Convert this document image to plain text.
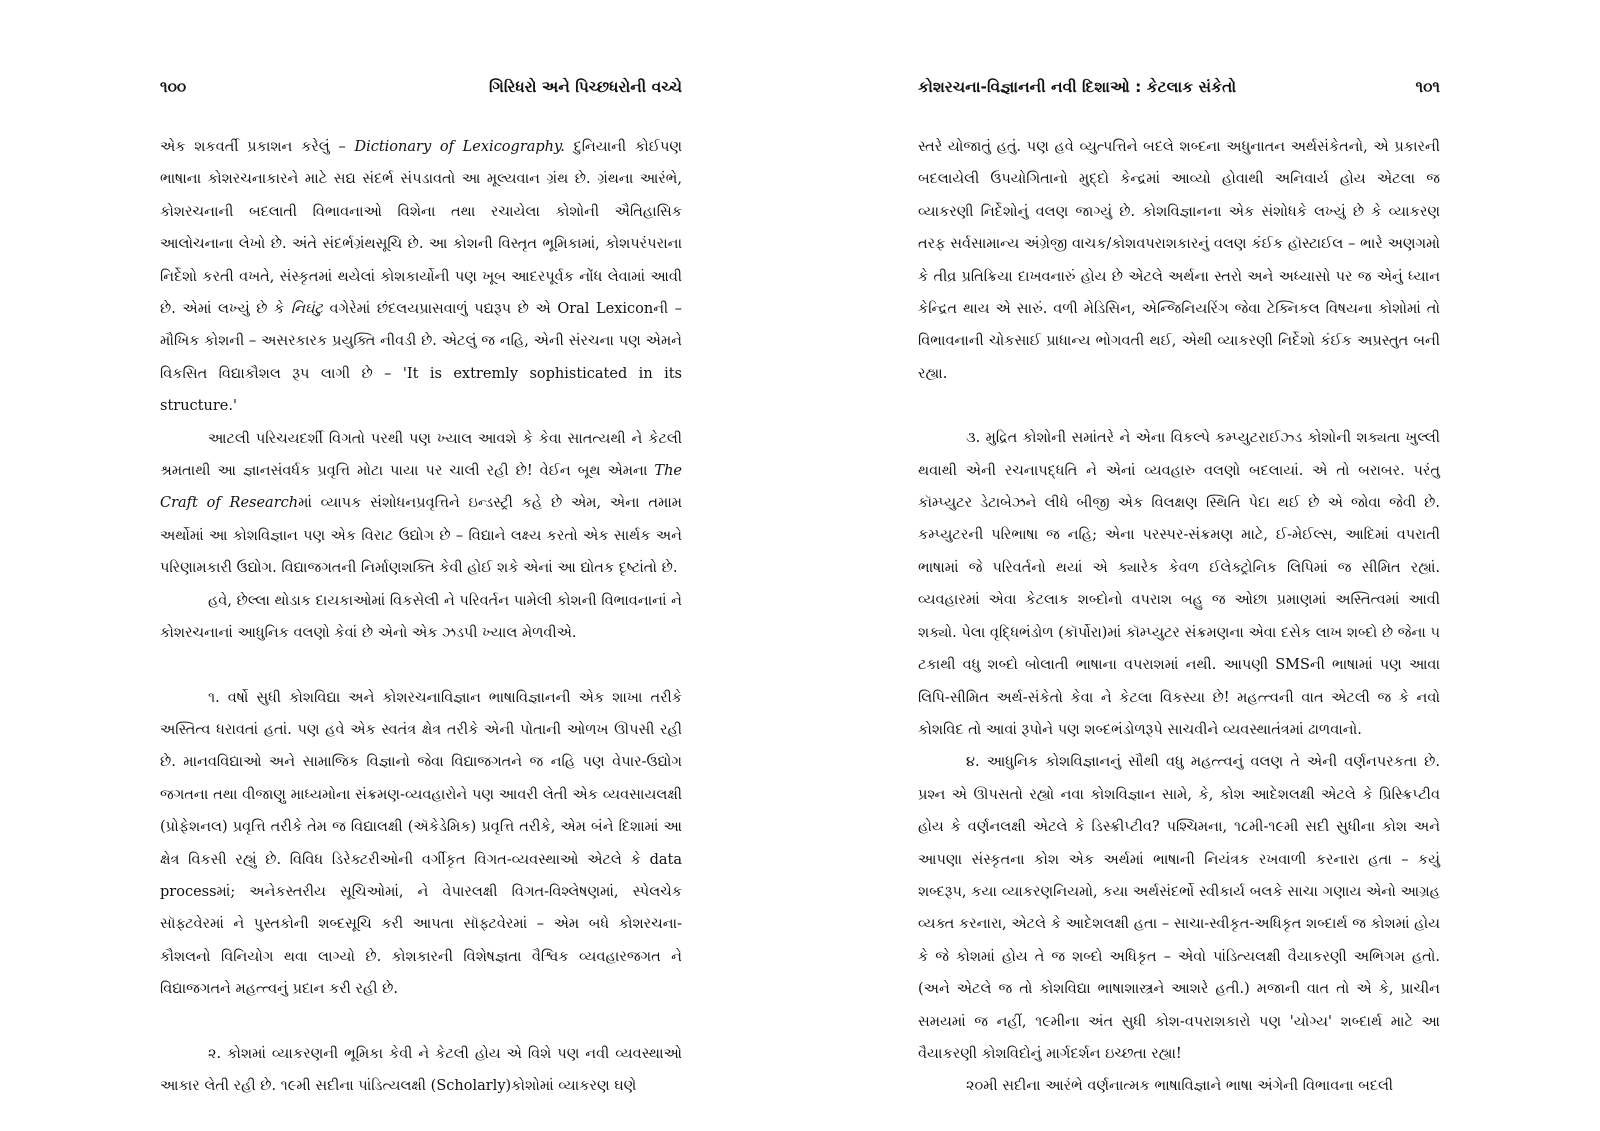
૧૦૦	ગિરિધરો અને પિચ્છધરોની વચ્ચે

એક શકવર્તી પ્રકાશન કરેલું – Dictionary of Lexicography. દુનિયાની કોઈપણ ભાષાના કોશરચનાકારને માટે સદ્ય સંદર્ભ સંપડાવતો આ મૂલ્યવાન ગ્રંથ છે. ગ્રંથના આરંભે, કોશરચનાની બદલાતી વિભાવનાઓ વિશેના તથા રચાયેલા કોશોની ઐતિહાસિક આલોચનાના લેખો છે. અંતે સંદર્ભગ્રંથસૂચિ છે. આ કોશની વિસ્તૃત ભૂમિકામાં, કોશપરંપરાના નિર્દેશો કરતી વખતે, સંસ્કૃતમાં થયેલાં કોશકાર્યોની પણ ખૂબ આદરપૂર્વક નોંધ લેવામાં આવી છે. એમાં લખ્યું છે કે નિઘંટુ વગેરેમાં છંદલયપ્રાસવાળું પદ્યરૂપ છે એ Oral Lexiconની – મૌખિક કોશની – અસરકારક પ્રયુક્તિ નીવડી છે. એટલું જ નહિ, એની સંરચના પણ એમને વિકસિત વિદ્યાકૌશલ રૂપ લાગી છે – 'It is extremly sophisticated in its structure.'

આટલી પરિચયદર્શી વિગતો પરથી પણ ખ્યાલ આવશે કે કેવા સાતત્યથી ને કેટલી શ્રમતાથી આ જ્ઞાનસંવર્ધક પ્રવૃત્તિ મોટા પાયા પર ચાલી રહી છે! વેઈન બૂથ એમના The Craft of Researchમાં વ્યાપક સંશોધનપ્રવૃત્તિને ઇન્ડસ્ટ્રી કહે છે એમ, એના તમામ અર્થોમાં આ કોશવિજ્ઞાન પણ એક વિરાટ ઉદ્યોગ છે – વિદ્યાને લક્ષ્ય કરતો એક સાર્થક અને પરિણામકારી ઉદ્યોગ. વિદ્યાજગતની નિર્માણશક્તિ કેવી હોઈ શકે એનાં આ દ્યોતક દૃષ્ટાંતો છે.

હવે, છેલ્લા થોડાક દાયકાઓમાં વિકસેલી ને પરિવર્તન પામેલી કોશની વિભાવનાનાં ને કોશરચનાનાં આધુનિક વલણો કેવાં છે એનો એક ઝડપી ખ્યાલ મેળવીએ.

૧. વર્ષો સુધી કોશવિદ્યા અને કોશરચનાવિજ્ઞાન ભાષાવિજ્ઞાનની એક શાખા તરીકે અસ્તિત્વ ધરાવતાં હતાં. પણ હવે એક સ્વતંત્ર ક્ષેત્ર તરીકે એની પોતાની ઓળખ ઊપસી રહી છે. માનવવિદ્યાઓ અને સામાજિક વિજ્ઞાનો જેવા વિદ્યાજગતને જ નહિ પણ વેપાર-ઉદ્યોગ જગતના તથા વીજાણુ માધ્યમોના સંક્રમણ-વ્યવહારોને પણ આવરી લેતી એક વ્યવસાયલક્ષી (પ્રોફેશનલ) પ્રવૃત્તિ તરીકે તેમ જ વિદ્યાલક્ષી (ઍકેડેમિક) પ્રવૃત્તિ તરીકે, એમ બંને દિશામાં આ ક્ષેત્ર વિકસી રહ્યું છે. વિવિધ ડિરેક્ટરીઓની વર્ગીકૃત વિગત-વ્યવસ્થાઓ એટલે કે data processમાં; અનેકસ્તરીય સૂચિઓમાં, ને વેપારલક્ષી વિગત-વિશ્લેષણમાં, સ્પેલચેક સૉફ્ટવેરમાં ને પુસ્તકોની શબ્દસૂચિ કરી આપતા સૉફ્ટવેરમાં – એમ બધે કોશરચના-કૌશલનો વિનિયોગ થવા લાગ્યો છે. કોશકારની વિશેષજ્ઞતા વૈશ્વિક વ્યવહારજગત ને વિદ્યાજગતને મહત્ત્વનું પ્રદાન કરી રહી છે.

૨. કોશમાં વ્યાકરણની ભૂમિકા કેવી ને કેટલી હોય એ વિશે પણ નવી વ્યવસ્થાઓ આકાર લેતી રહી છે. ૧૯મી સદીના પાંડિત્યલક્ષી (Scholarly)કોશોમાં વ્યાકરણ ઘણે

કોશરચના-વિજ્ઞાનની નવી દિશાઓ : કેટલાક સંકેતો	૧૦૧

સ્તરે યોજાતું હતું. પણ હવે વ્યુત્પત્તિને બદલે શબ્દના અધુનાતન અર્થસંકેતનો, એ પ્રકારની બદલાયેલી ઉપયોગિતાનો મુદ્દો કેન્દ્રમાં આવ્યો હોવાથી અનિવાર્ય હોય એટલા જ વ્યાકરણી નિર્દેશોનું વલણ જાગ્યું છે. કોશવિજ્ઞાનના એક સંશોધકે લખ્યું છે કે વ્યાકરણ તરફ સર્વસામાન્ય અંગ્રેજી વાચક/કોશવપરાશકારનું વલણ કંઈક હૉસ્ટાઈલ – ભારે અણગમો કે તીવ્ર પ્રતિક્રિયા દાખવનારું હોય છે એટલે અર્થના સ્તરો અને અધ્યાસો પર જ એનું ધ્યાન કેન્દ્રિત થાય એ સારું. વળી મેડિસિન, એન્જિનિયરિંગ જેવા ટેક્નિકલ વિષયના કોશોમાં તો વિભાવનાની ચોકસાઈ પ્રાધાન્ય ભોગવતી થઈ, એથી વ્યાકરણી નિર્દેશો કંઈક અપ્રસ્તુત બની રહ્યા.

૩. મુદ્રિત કોશોની સમાંતરે ને એના વિકલ્પે કમ્પ્યુટરાઈઝ્ડ કોશોની શક્યતા ખુલ્લી થવાથી એની રચનાપદ્ધતિ ને એનાં વ્યવહારુ વલણો બદલાયાં. એ તો બરાબર. પરંતુ કૉમ્પ્યુટર ડેટાબેઝને લીધે બીજી એક વિલક્ષણ સ્થિતિ પેદા થઈ છે એ જોવા જેવી છે. કમ્પ્યુટરની પરિભાષા જ નહિ; એના પરસ્પર-સંક્રમણ માટે, ઈ-મેઈલ્સ, આદિમાં વપરાતી ભાષામાં જે પરિવર્તનો થયાં એ ક્યારેક કેવળ ઈલેક્ટ્રોનિક લિપિમાં જ સીમિત રહ્યાં. વ્યવહારમાં એવા કેટલાક શબ્દોનો વપરાશ બહુ જ ઓછા પ્રમાણમાં અસ્તિત્વમાં આવી શક્યો. પેલા વૃદ્ધિભંડોળ (કૉર્પોરા)માં કૉમ્પ્યુટર સંક્રમણના એવા દસેક લાખ શબ્દો છે જેના ૫ ટકાથી વધુ શબ્દો બોલાતી ભાષાના વપરાશમાં નથી. આપણી SMSની ભાષામાં પણ આવા લિપિ-સીમિત અર્થ-સંકેતો કેવા ને કેટલા વિકસ્યા છે! મહત્ત્વની વાત એટલી જ કે નવો કોશવિદ તો આવાં રૂપોને પણ શબ્દભંડોળરૂપે સાચવીને વ્યવસ્થાતંત્રમાં ઢાળવાનો.

૪. આધુનિક કોશવિજ્ઞાનનું સૌથી વધુ મહત્ત્વનું વલણ તે એની વર્ણનપરકતા છે. પ્રશ્ન એ ઊપસતો રહ્યો નવા કોશવિજ્ઞાન સામે, કે, કોશ આદેશલક્ષી એટલે કે પ્રિસ્ક્રિપ્ટીવ હોય કે વર્ણનલક્ષી એટલે કે ડિસ્ક્રીપ્ટીવ? પશ્ચિમના, ૧૮મી-૧૯મી સદી સુધીના કોશ અને આપણા સંસ્કૃતના કોશ એક અર્થમાં ભાષાની નિયંત્રક રખવાળી કરનારા હતા – કયું શબ્દરૂપ, કયા વ્યાકરણનિયમો, કયા અર્થસંદર્ભો સ્વીકાર્ય બલકે સાચા ગણાય એનો આગ્રહ વ્યક્ત કરનારા, એટલે કે આદેશલક્ષી હતા – સાચા-સ્વીકૃત-અધિકૃત શબ્દાર્થ જ કોશમાં હોય કે જે કોશમાં હોય તે જ શબ્દો અધિકૃત – એવો પાંડિત્યલક્ષી વૈયાકરણી અભિગમ હતો. (અને એટલે જ તો કોશવિદ્યા ભાષાશાસ્ત્રને આશરે હતી.) મજાની વાત તો એ કે, પ્રાચીન સમયમાં જ નહીં, ૧૯મીના અંત સુધી કોશ-વપરાશકારો પણ 'યોગ્ય' શબ્દાર્થ માટે આ વૈયાકરણી કોશવિદોનું માર્ગદર્શન ઇચ્છતા રહ્યા!

૨૦મી સદીના આરંભે વર્ણનાત્મક ભાષાવિજ્ઞાને ભાષા અંગેની વિભાવના બદલી
